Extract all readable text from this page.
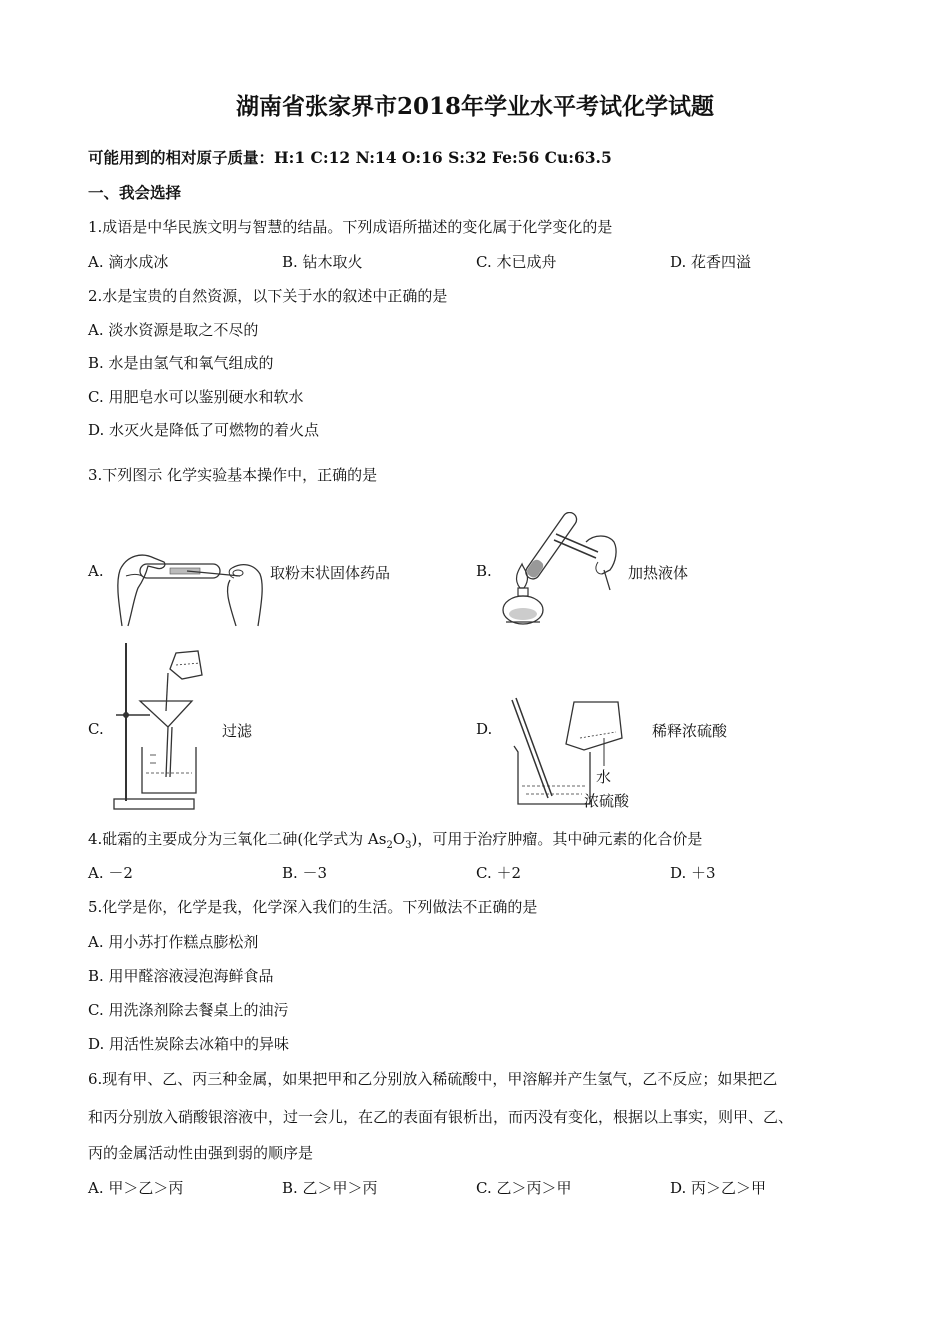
湖南省张家界市2018年学业水平考试化学试题
可能用到的相对原子质量：H:1 C:12 N:14 O:16 S:32 Fe:56 Cu:63.5
一、我会选择
1.成语是中华民族文明与智慧的结晶。下列成语所描述的变化属于化学变化的是
A. 滴水成冰	B. 钻木取火	C. 木已成舟	D. 花香四溢
2.水是宝贵的自然资源，以下关于水的叙述中正确的是
A. 淡水资源是取之不尽的
B. 水是由氢气和氧气组成的
C. 用肥皂水可以鉴别硬水和软水
D. 水灭火是降低了可燃物的着火点
3.下列图示 化学实验基本操作中，正确的是
A.	取粉末状固体药品	B.	加热液体
C.	过滤	D.
水
浓硫酸
稀释浓硫酸
4.砒霜的主要成分为三氧化二砷(化学式为 $As_2O_3$)，可用于治疗肿瘤。其中砷元素的化合价是
A. －2	B. －3	C. ＋2	D. ＋3
5.化学是你，化学是我，化学深入我们的生活。下列做法不正确的是
A. 用小苏打作糕点膨松剂
B. 用甲醛溶液浸泡海鲜食品
C. 用洗涤剂除去餐桌上的油污
D. 用活性炭除去冰箱中的异味
6.现有甲、乙、丙三种金属，如果把甲和乙分别放入稀硫酸中，甲溶解并产生氢气，乙不反应；如果把乙
和丙分别放入硝酸银溶液中，过一会儿，在乙的表面有银析出，而丙没有变化，根据以上事实，则甲、乙、
丙的金属活动性由强到弱的顺序是
A. 甲＞乙＞丙	B. 乙＞甲＞丙	C. 乙＞丙＞甲	D. 丙＞乙＞甲
